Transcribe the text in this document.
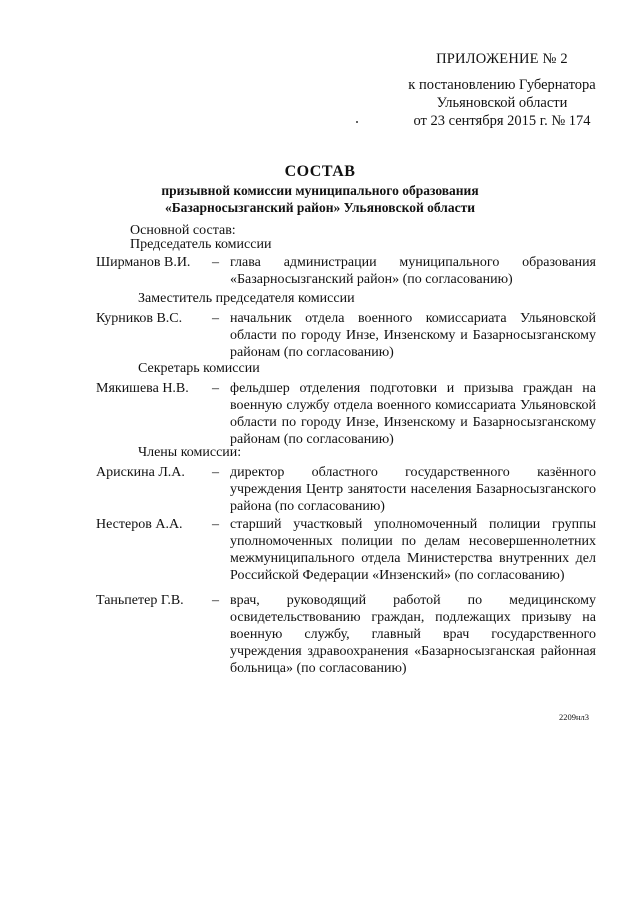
ПРИЛОЖЕНИЕ № 2
к постановлению Губернатора
Ульяновской области
от 23 сентября 2015 г. № 174
СОСТАВ
призывной комиссии муниципального образования
«Базарносызганский район» Ульяновской области
Основной состав:
Председатель комиссии
Ширманов В.И. – глава администрации муниципального образования «Базарносызганский район» (по согласованию)
Заместитель председателя комиссии
Курников В.С. – начальник отдела военного комиссариата Ульяновской области по городу Инзе, Инзенскому и Базарносызганскому районам (по согласованию)
Секретарь комиссии
Мякишева Н.В. – фельдшер отделения подготовки и призыва граждан на военную службу отдела военного комиссариата Ульяновской области по городу Инзе, Инзенскому и Базарносызганскому районам (по согласованию)
Члены комиссии:
Арискина Л.А. – директор областного государственного казённого учреждения Центр занятости населения Базарносызганского района (по согласованию)
Нестеров А.А. – старший участковый уполномоченный полиции группы уполномоченных полиции по делам несовершеннолетних межмуниципального отдела Министерства внутренних дел Российской Федерации «Инзенский» (по согласованию)
Таньпетер Г.В. – врач, руководящий работой по медицинскому освидетельствованию граждан, подлежащих призыву на военную службу, главный врач государственного учреждения здравоохранения «Базарносызганская районная больница» (по согласованию)
2209нл3
